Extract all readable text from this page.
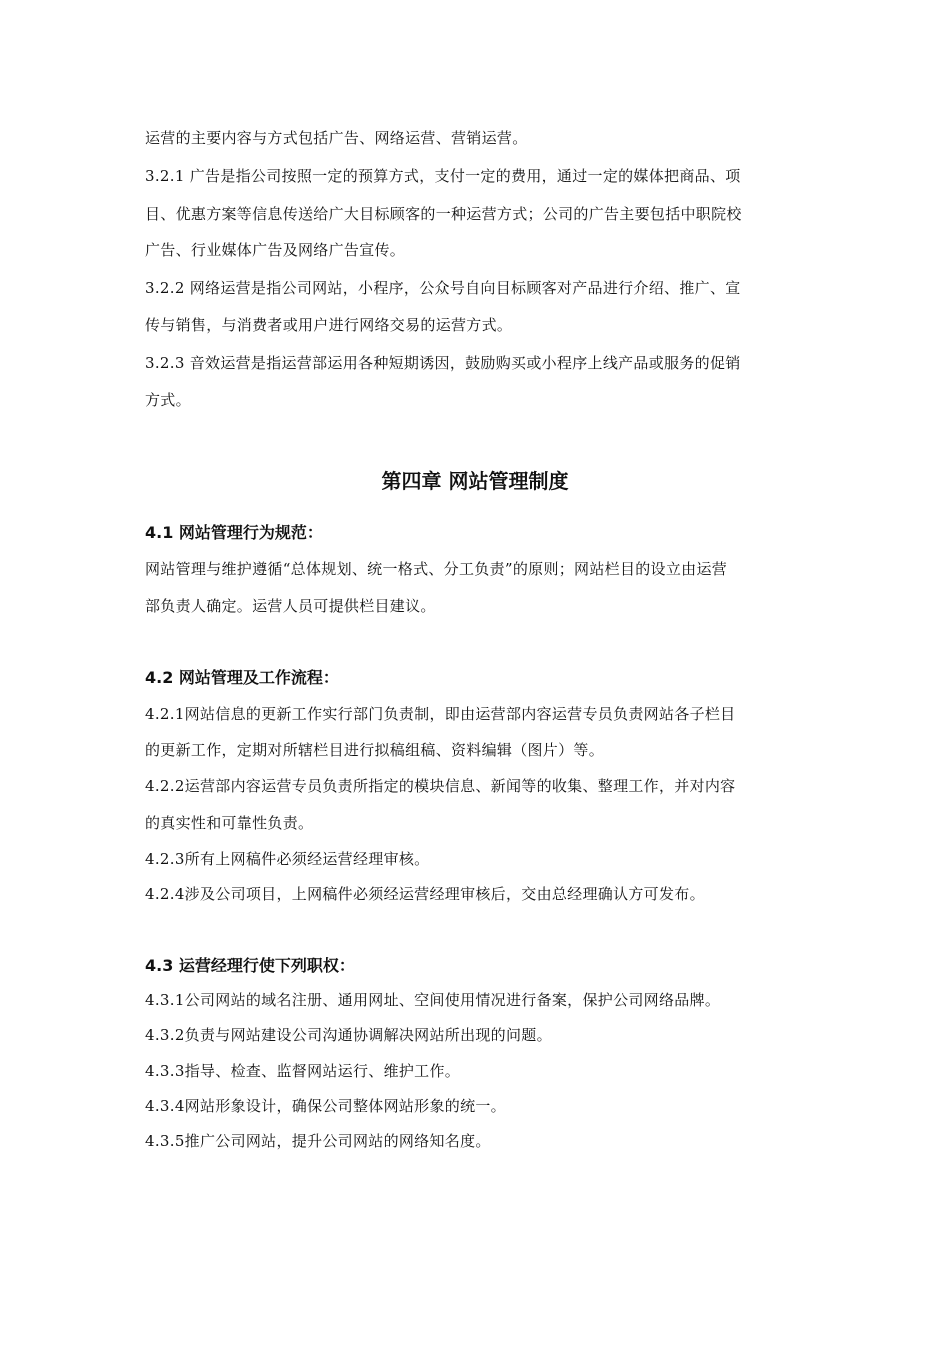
运营的主要内容与方式包括广告、网络运营、营销运营。
3.2.1 广告是指公司按照一定的预算方式，支付一定的费用，通过一定的媒体把商品、项
目、优惠方案等信息传送给广大目标顾客的一种运营方式；公司的广告主要包括中职院校
广告、行业媒体广告及网络广告宣传。
3.2.2 网络运营是指公司网站，小程序，公众号自向目标顾客对产品进行介绍、推广、宣
传与销售，与消费者或用户进行网络交易的运营方式。
3.2.3 音效运营是指运营部运用各种短期诱因，鼓励购买或小程序上线产品或服务的促销
方式。
第四章 网站管理制度
4.1 网站管理行为规范：
网站管理与维护遵循“总体规划、统一格式、分工负责”的原则；网站栏目的设立由运营
部负责人确定。运营人员可提供栏目建议。
4.2 网站管理及工作流程：
4.2.1网站信息的更新工作实行部门负责制，即由运营部内容运营专员负责网站各子栏目
的更新工作，定期对所辖栏目进行拟稿组稿、资料编辑（图片）等。
4.2.2运营部内容运营专员负责所指定的模块信息、新闻等的收集、整理工作，并对内容
的真实性和可靠性负责。
4.2.3所有上网稿件必须经运营经理审核。
4.2.4涉及公司项目，上网稿件必须经运营经理审核后，交由总经理确认方可发布。
4.3 运营经理行使下列职权：
4.3.1公司网站的域名注册、通用网址、空间使用情况进行备案，保护公司网络品牌。
4.3.2负责与网站建设公司沟通协调解决网站所出现的问题。
4.3.3指导、检查、监督网站运行、维护工作。
4.3.4网站形象设计，确保公司整体网站形象的统一。
4.3.5推广公司网站，提升公司网站的网络知名度。
